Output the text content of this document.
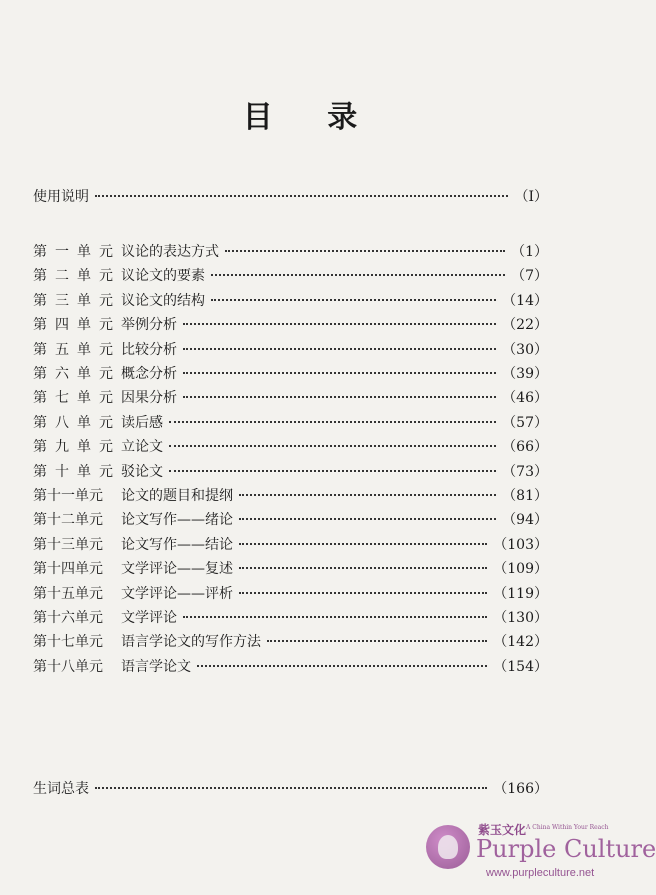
目 录
使用说明	（Ⅰ）
第一单元 议论的表达方式	（1）
第二单元 议论文的要素	（7）
第三单元 议论文的结构	（14）
第四单元 举例分析	（22）
第五单元 比较分析	（30）
第六单元 概念分析	（39）
第七单元 因果分析	（46）
第八单元 读后感	（57）
第九单元 立论文	（66）
第十单元 驳论文	（73）
第十一单元	论文的题目和提纲	（81）
第十二单元	论文写作——绪论	（94）
第十三单元	论文写作——结论	（103）
第十四单元	文学评论——复述	（109）
第十五单元	文学评论——评析	（119）
第十六单元	文学评论	（130）
第十七单元	语言学论文的写作方法	（142）
第十八单元	语言学论文	（154）
生词总表	（166）
紫玉文化 A China Within Your Reach
Purple Culture
www.purpleculture.net
